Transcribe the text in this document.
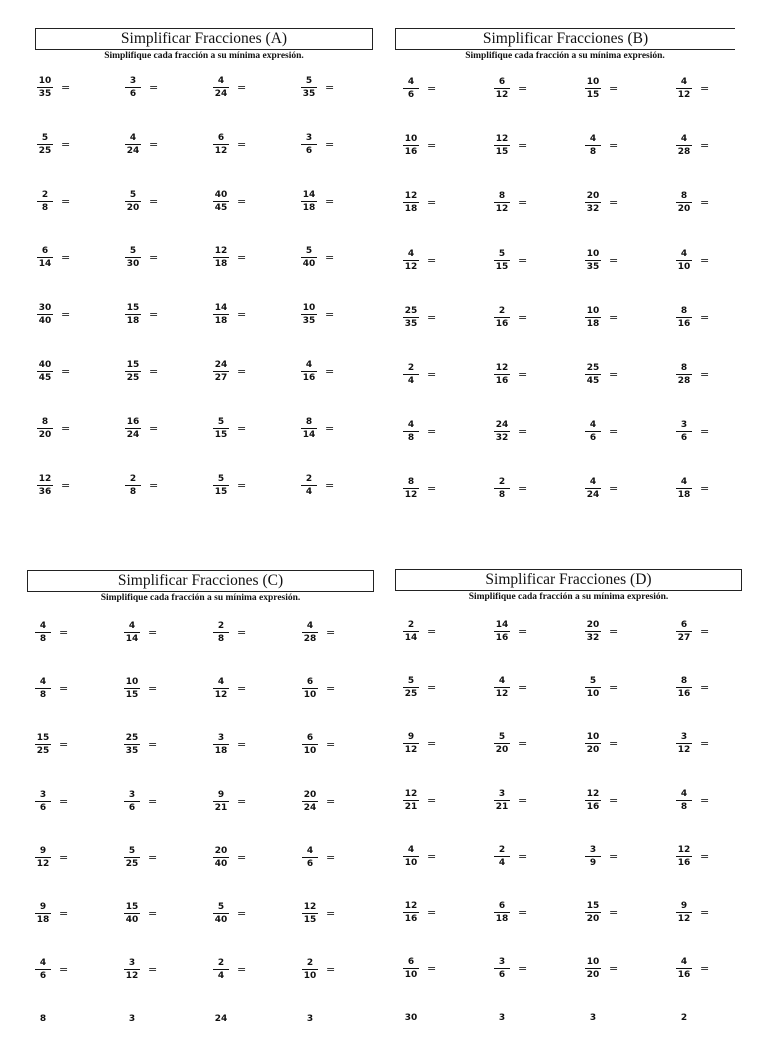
Simplificar Fracciones (A)
Simplifique cada fracción a su mínima expresión.
Simplificar Fracciones (B)
Simplifique cada fracción a su mínima expresión.
Simplificar Fracciones (C)
Simplifique cada fracción a su mínima expresión.
Simplificar Fracciones (D)
Simplifique cada fracción a su mínima expresión.
$\frac{10}{35}$ =	$\frac{3}{6}$ =	$\frac{4}{24}$ =	$\frac{5}{35}$ =
$\frac{5}{25}$ =	$\frac{4}{24}$ =	$\frac{6}{12}$ =	$\frac{3}{6}$ =
$\frac{2}{8}$ =	$\frac{5}{20}$ =	$\frac{40}{45}$ =	$\frac{14}{18}$ =
$\frac{6}{14}$ =	$\frac{5}{30}$ =	$\frac{12}{18}$ =	$\frac{5}{40}$ =
$\frac{30}{40}$ =	$\frac{15}{18}$ =	$\frac{14}{18}$ =	$\frac{10}{35}$ =
$\frac{40}{45}$ =	$\frac{15}{25}$ =	$\frac{24}{27}$ =	$\frac{4}{16}$ =
$\frac{8}{20}$ =	$\frac{16}{24}$ =	$\frac{5}{15}$ =	$\frac{8}{14}$ =
$\frac{12}{36}$ =	$\frac{2}{8}$ =	$\frac{5}{15}$ =	$\frac{2}{4}$ =
$\frac{4}{6}$ =	$\frac{6}{12}$ =	$\frac{10}{15}$ =	$\frac{4}{12}$ =
$\frac{10}{16}$ =	$\frac{12}{15}$ =	$\frac{4}{8}$ =	$\frac{4}{28}$ =
$\frac{12}{18}$ =	$\frac{8}{12}$ =	$\frac{20}{32}$ =	$\frac{8}{20}$ =
$\frac{4}{12}$ =	$\frac{5}{15}$ =	$\frac{10}{35}$ =	$\frac{4}{10}$ =
$\frac{25}{35}$ =	$\frac{2}{16}$ =	$\frac{10}{18}$ =	$\frac{8}{16}$ =
$\frac{2}{4}$ =	$\frac{12}{16}$ =	$\frac{25}{45}$ =	$\frac{8}{28}$ =
$\frac{4}{8}$ =	$\frac{24}{32}$ =	$\frac{4}{6}$ =	$\frac{3}{6}$ =
$\frac{8}{12}$ =	$\frac{2}{8}$ =	$\frac{4}{24}$ =	$\frac{4}{18}$ =
$\frac{4}{8}$ =	$\frac{4}{14}$ =	$\frac{2}{8}$ =	$\frac{4}{28}$ =
$\frac{4}{8}$ =	$\frac{10}{15}$ =	$\frac{4}{12}$ =	$\frac{6}{10}$ =
$\frac{15}{25}$ =	$\frac{25}{35}$ =	$\frac{3}{18}$ =	$\frac{6}{10}$ =
$\frac{3}{6}$ =	$\frac{3}{6}$ =	$\frac{9}{21}$ =	$\frac{20}{24}$ =
$\frac{9}{12}$ =	$\frac{5}{25}$ =	$\frac{20}{40}$ =	$\frac{4}{6}$ =
$\frac{9}{18}$ =	$\frac{15}{40}$ =	$\frac{5}{40}$ =	$\frac{12}{15}$ =
$\frac{4}{6}$ =	$\frac{3}{12}$ =	$\frac{2}{4}$ =	$\frac{2}{10}$ =
8	3	24	3
$\frac{2}{14}$ =	$\frac{14}{16}$ =	$\frac{20}{32}$ =	$\frac{6}{27}$ =
$\frac{5}{25}$ =	$\frac{4}{12}$ =	$\frac{5}{10}$ =	$\frac{8}{16}$ =
$\frac{9}{12}$ =	$\frac{5}{20}$ =	$\frac{10}{20}$ =	$\frac{3}{12}$ =
$\frac{12}{21}$ =	$\frac{3}{21}$ =	$\frac{12}{16}$ =	$\frac{4}{8}$ =
$\frac{4}{10}$ =	$\frac{2}{4}$ =	$\frac{3}{9}$ =	$\frac{12}{16}$ =
$\frac{12}{16}$ =	$\frac{6}{18}$ =	$\frac{15}{20}$ =	$\frac{9}{12}$ =
$\frac{6}{10}$ =	$\frac{3}{6}$ =	$\frac{10}{20}$ =	$\frac{4}{16}$ =
30	3	3	2
